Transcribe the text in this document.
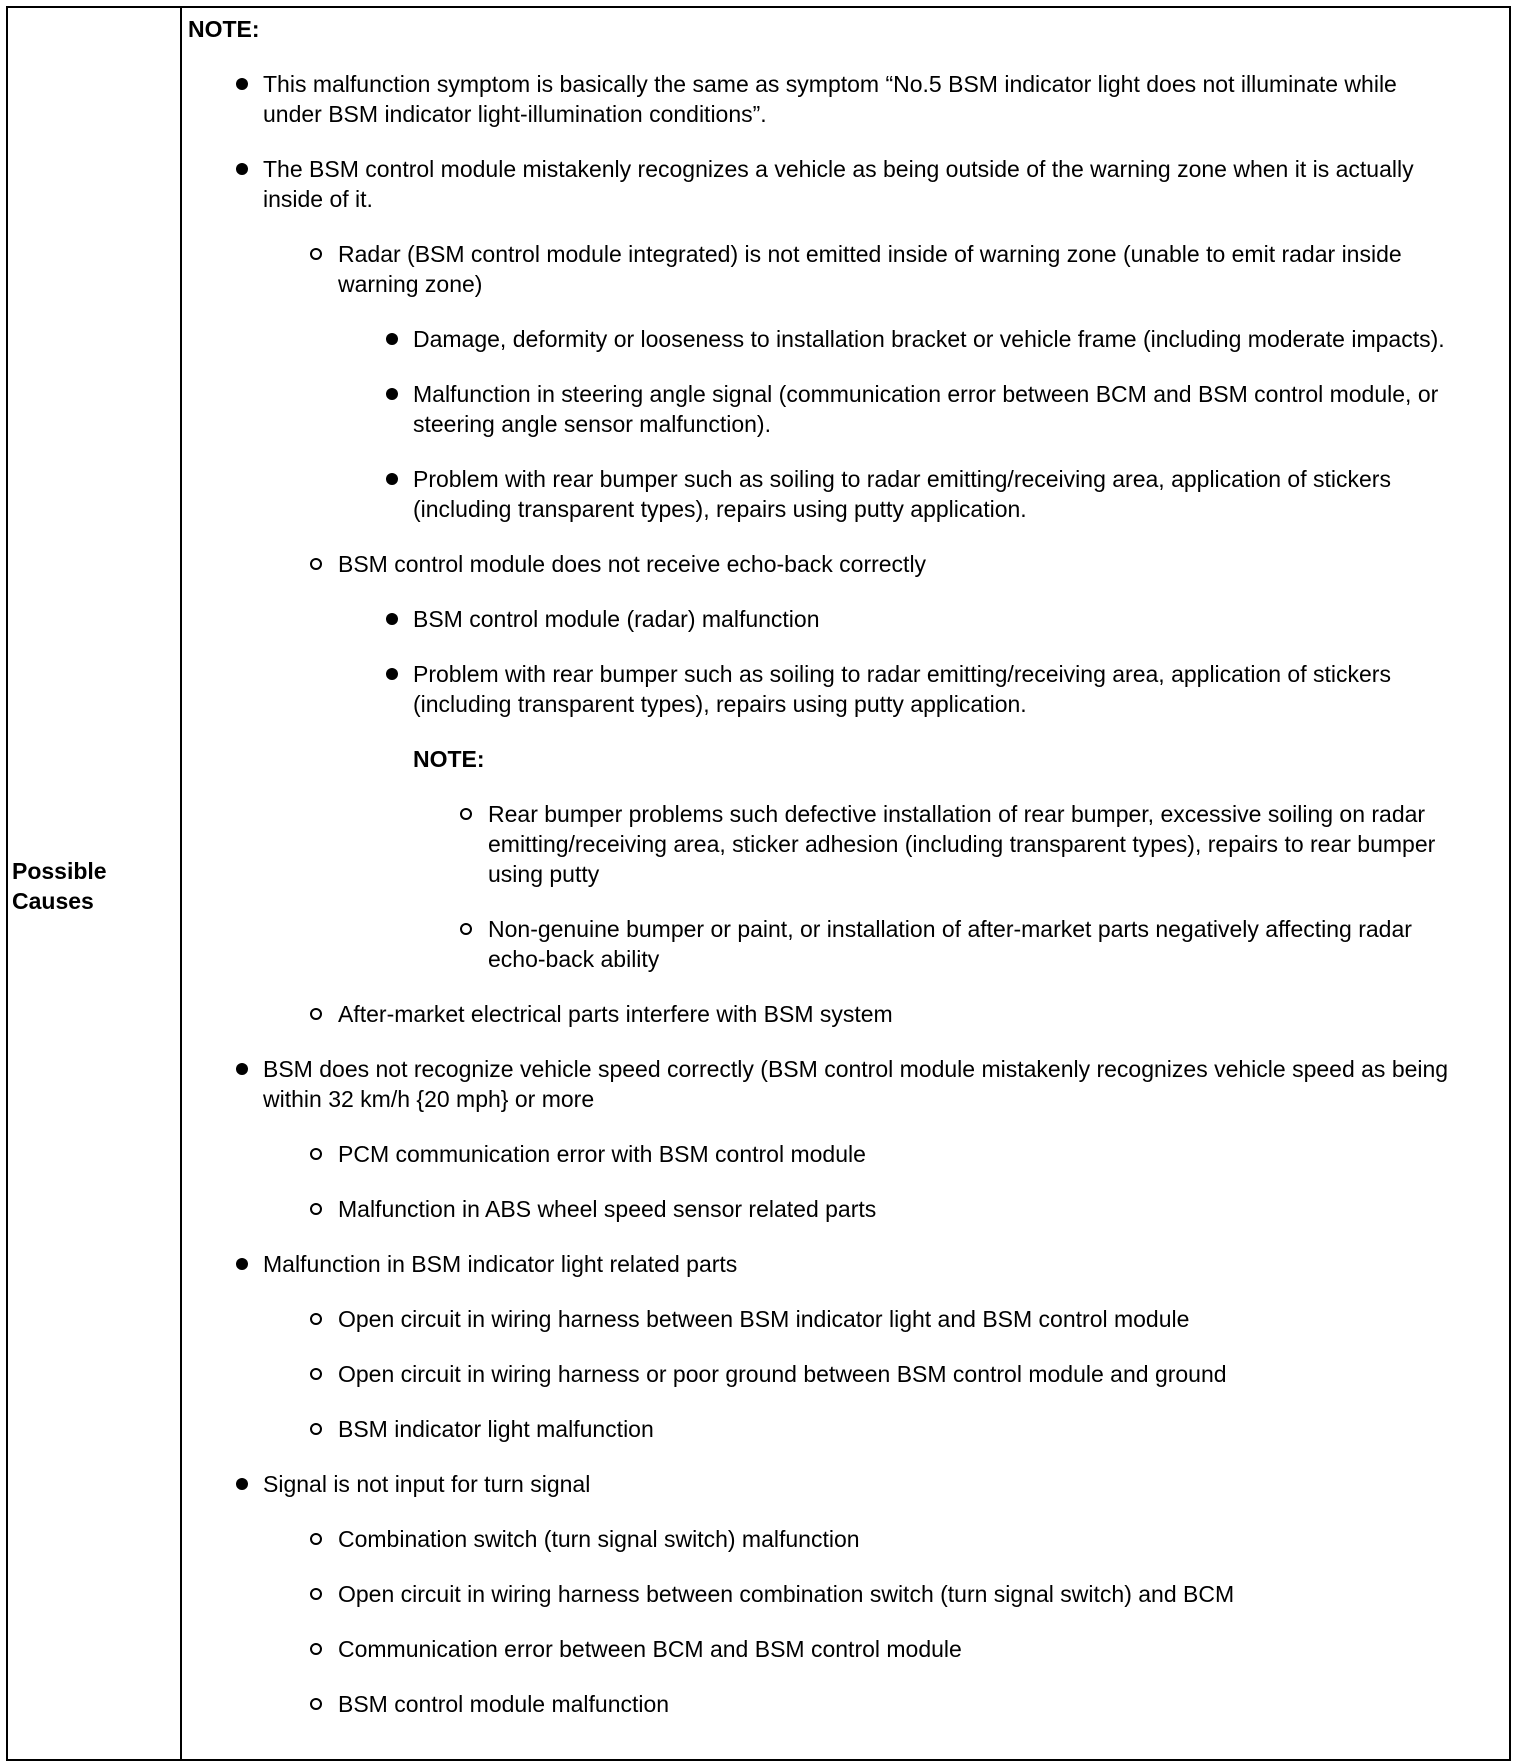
Possible
Causes
NOTE:
This malfunction symptom is basically the same as symptom “No.5 BSM indicator light does not illuminate while under BSM indicator light-illumination conditions”.
The BSM control module mistakenly recognizes a vehicle as being outside of the warning zone when it is actually inside of it.
Radar (BSM control module integrated) is not emitted inside of warning zone (unable to emit radar inside warning zone)
Damage, deformity or looseness to installation bracket or vehicle frame (including moderate impacts).
Malfunction in steering angle signal (communication error between BCM and BSM control module, or steering angle sensor malfunction).
Problem with rear bumper such as soiling to radar emitting/receiving area, application of stickers (including transparent types), repairs using putty application.
BSM control module does not receive echo-back correctly
BSM control module (radar) malfunction
Problem with rear bumper such as soiling to radar emitting/receiving area, application of stickers (including transparent types), repairs using putty application.
NOTE:
Rear bumper problems such defective installation of rear bumper, excessive soiling on radar emitting/receiving area, sticker adhesion (including transparent types), repairs to rear bumper using putty
Non-genuine bumper or paint, or installation of after-market parts negatively affecting radar echo-back ability
After-market electrical parts interfere with BSM system
BSM does not recognize vehicle speed correctly (BSM control module mistakenly recognizes vehicle speed as being within 32 km/h {20 mph} or more
PCM communication error with BSM control module
Malfunction in ABS wheel speed sensor related parts
Malfunction in BSM indicator light related parts
Open circuit in wiring harness between BSM indicator light and BSM control module
Open circuit in wiring harness or poor ground between BSM control module and ground
BSM indicator light malfunction
Signal is not input for turn signal
Combination switch (turn signal switch) malfunction
Open circuit in wiring harness between combination switch (turn signal switch) and BCM
Communication error between BCM and BSM control module
BSM control module malfunction
